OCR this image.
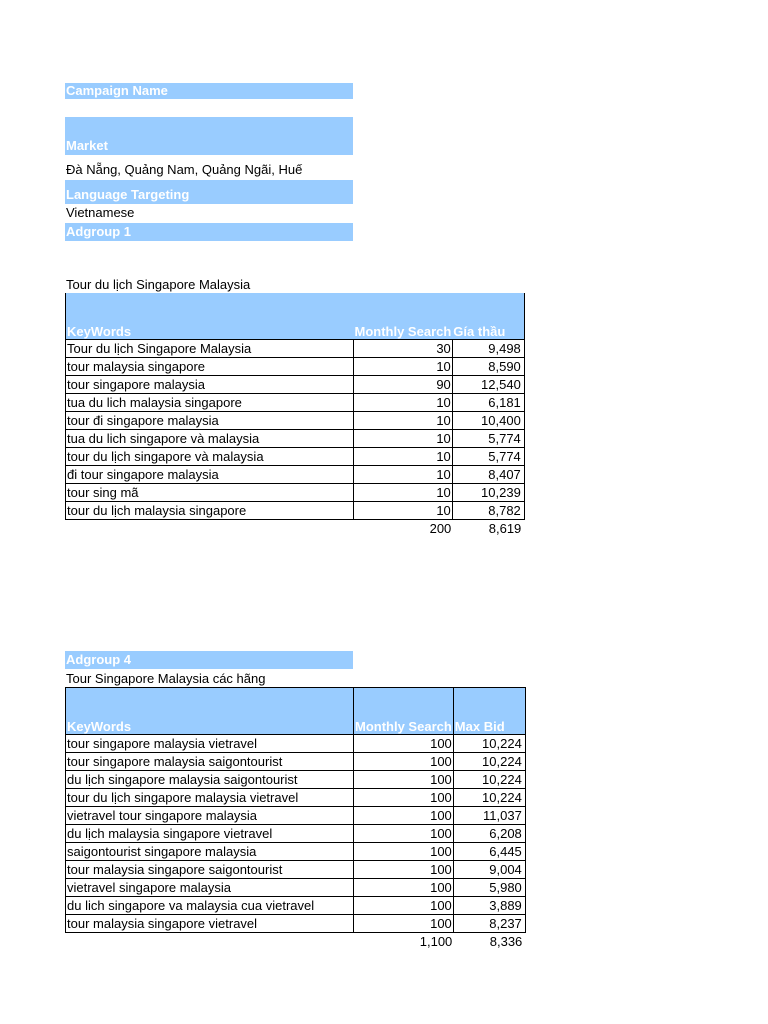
Campaign Name
Market
Đà Nẵng, Quảng Nam, Quảng Ngãi, Huế
Language Targeting
Vietnamese
Adgroup 1
Tour du lịch Singapore Malaysia
KeyWords	Monthly Search	Gía thầu
Tour du lịch Singapore Malaysia	30	9,498
tour malaysia singapore	10	8,590
tour singapore malaysia	90	12,540
tua du lich malaysia singapore	10	6,181
tour đi singapore malaysia	10	10,400
tua du lich singapore và malaysia	10	5,774
tour du lịch singapore và malaysia	10	5,774
đi tour singapore malaysia	10	8,407
tour sing mã	10	10,239
tour du lịch malaysia singapore	10	8,782
	200	8,619
Adgroup 4
Tour Singapore Malaysia các hãng
KeyWords	Monthly Search	Max Bid
tour singapore malaysia vietravel	100	10,224
tour singapore malaysia saigontourist	100	10,224
du lịch singapore malaysia saigontourist	100	10,224
tour du lịch singapore malaysia vietravel	100	10,224
vietravel tour singapore malaysia	100	11,037
du lịch malaysia singapore vietravel	100	6,208
saigontourist singapore malaysia	100	6,445
tour malaysia singapore saigontourist	100	9,004
vietravel singapore malaysia	100	5,980
du lich singapore va malaysia cua vietravel	100	3,889
tour malaysia singapore vietravel	100	8,237
	1,100	8,336
